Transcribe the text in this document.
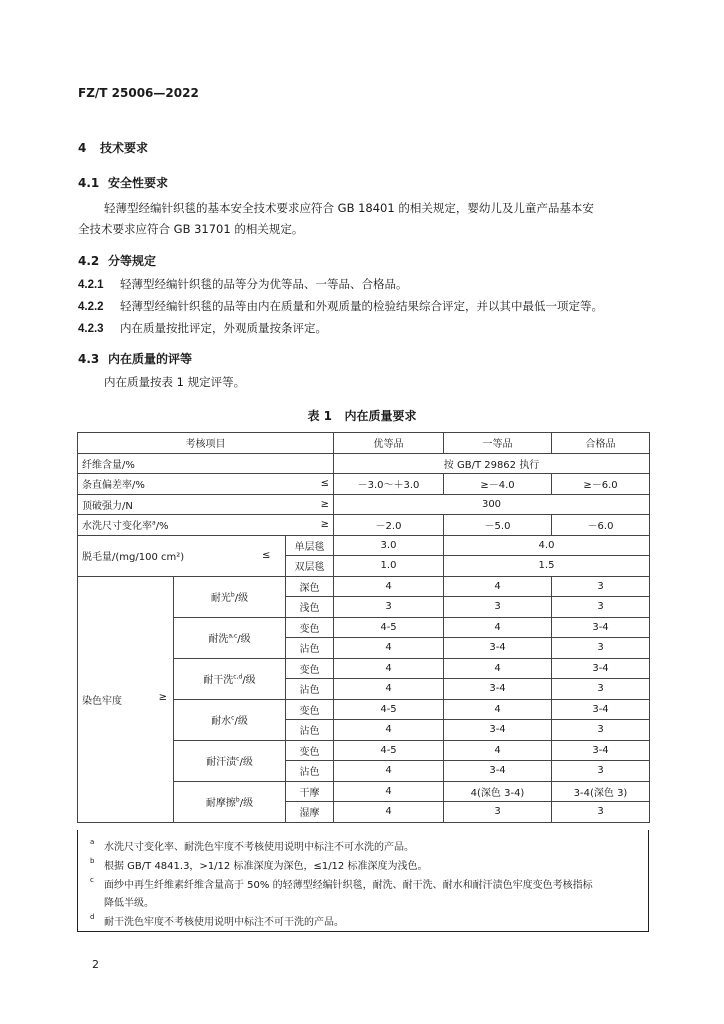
FZ/T 25006—2022
4 技术要求
4.1 安全性要求
轻薄型经编针织毯的基本安全技术要求应符合 GB 18401 的相关规定，婴幼儿及儿童产品基本安
全技术要求应符合 GB 31701 的相关规定。
4.2 分等规定
4.2.1 轻薄型经编针织毯的品等分为优等品、一等品、合格品。
4.2.2 轻薄型经编针织毯的品等由内在质量和外观质量的检验结果综合评定，并以其中最低一项定等。
4.2.3 内在质量按批评定，外观质量按条评定。
4.3 内在质量的评等
内在质量按表 1 规定评等。
表 1   内在质量要求
考核项目				优等品	一等品	合格品
纤维含量/%				按 GB/T 29862 执行		
条直偏差率/%			≤	－3.0～＋3.0	≥－4.0	≥－6.0
顶破强力/N			≥	300		
水洗尺寸变化率$^a$/%			≥	－2.0	－5.0	－6.0
脱毛量/(mg/100 cm²)		≤	单层毯	3.0	4.0	
			双层毯	1.0	1.5	
染色牢度 ≥	耐光$^b$/级		深色	4	4	3
			浅色	3	3	3
	耐洗$^{a,c}$/级		变色	4-5	4	3-4
			沾色	4	3-4	3
	耐干洗$^{c,d}$/级		变色	4	4	3-4
			沾色	4	3-4	3
	耐水$^c$/级		变色	4-5	4	3-4
			沾色	4	3-4	3
	耐汗渍$^c$/级		变色	4-5	4	3-4
			沾色	4	3-4	3
	耐摩擦$^b$/级		干摩	4	4(深色 3-4)	3-4(深色 3)
			湿摩	4	3	3
a 水洗尺寸变化率、耐洗色牢度不考核使用说明中标注不可水洗的产品。
b 根据 GB/T 4841.3，>1/12 标准深度为深色，≤1/12 标准深度为浅色。
c 面纱中再生纤维素纤维含量高于 50% 的轻薄型经编针织毯，耐洗、耐干洗、耐水和耐汗渍色牢度变色考核指标
降低半级。
d 耐干洗色牢度不考核使用说明中标注不可干洗的产品。
2
